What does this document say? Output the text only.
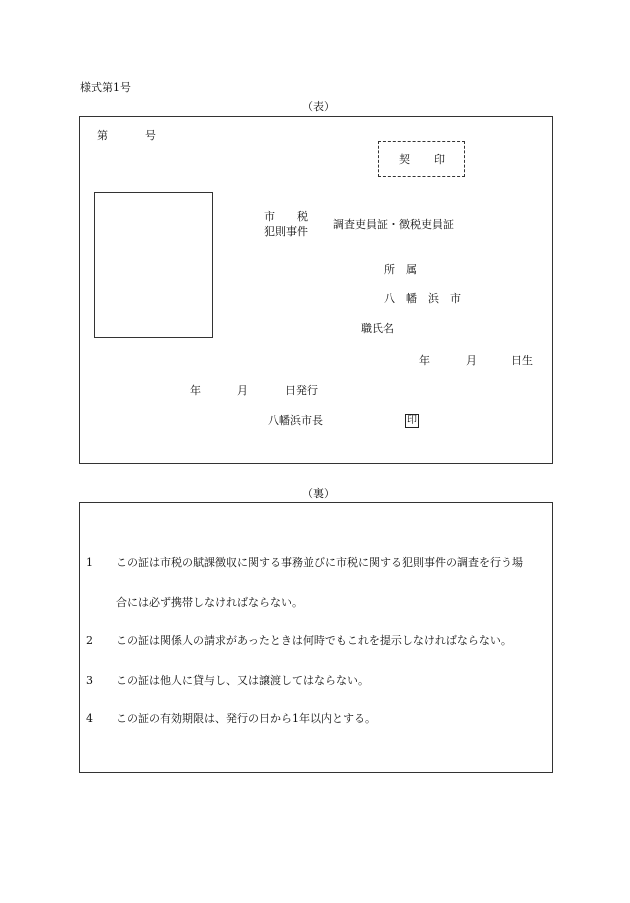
様式第1号
（表）
第	号
契 印
市　　税
犯則事件
調査吏員証・徴税吏員証
所　属
八　幡　浜　市
職氏名
年	月	日生
年	月	日発行
八幡浜市長	印
（裏）
1 この証は市税の賦課徴収に関する事務並びに市税に関する犯則事件の調査を行う場
合には必ず携帯しなければならない。
2 この証は関係人の請求があったときは何時でもこれを提示しなければならない。
3 この証は他人に貸与し、又は譲渡してはならない。
4 この証の有効期限は、発行の日から1年以内とする。
